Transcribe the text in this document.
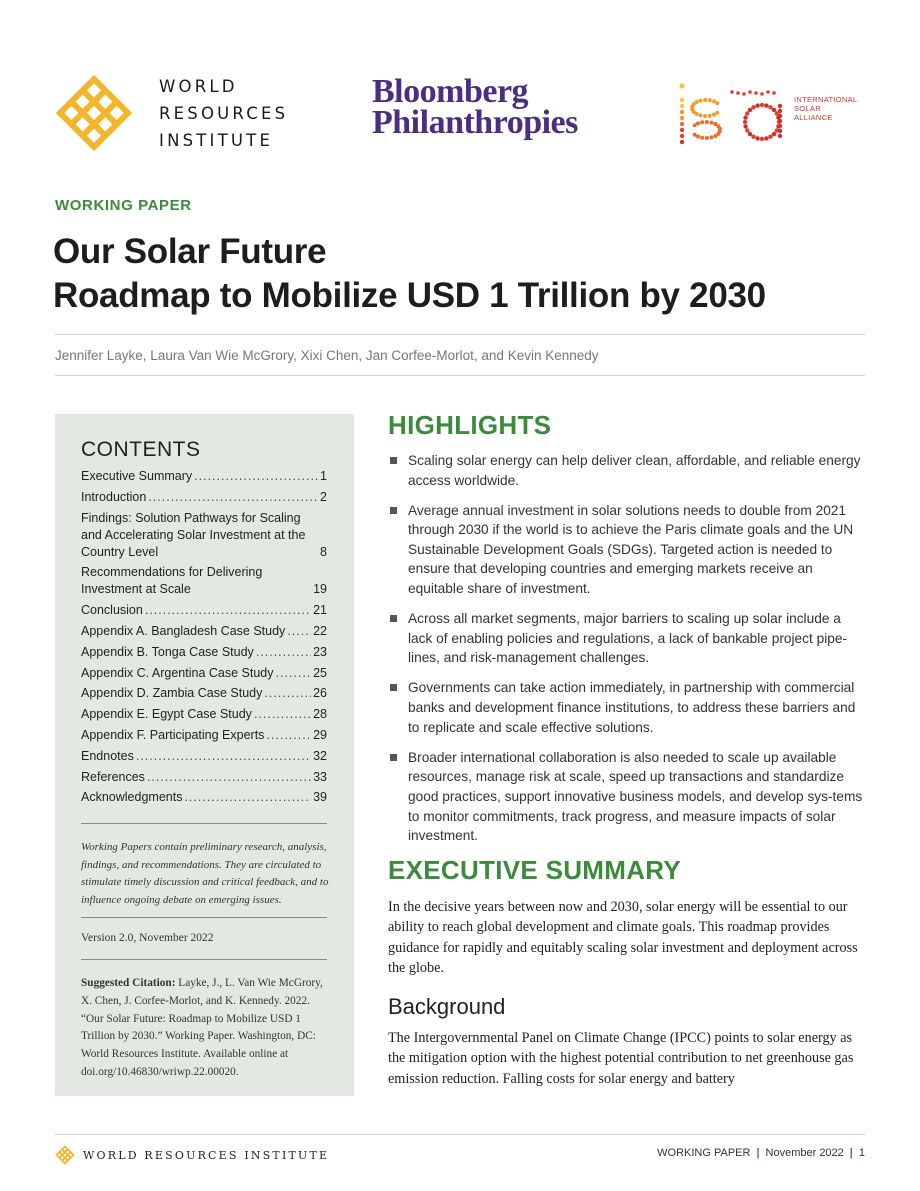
WORLD
RESOURCES
INSTITUTE
Bloomberg
Philanthropies
INTERNATIONAL
SOLAR
ALLIANCE
WORKING PAPER
Our Solar Future
Roadmap to Mobilize USD 1 Trillion by 2030
Jennifer Layke, Laura Van Wie McGrory, Xixi Chen, Jan Corfee-Morlot, and Kevin Kennedy
CONTENTS
Executive Summary .....	1
Introduction .....	2
Findings: Solution Pathways for Scaling and Accelerating Solar Investment at the Country Level	8
Recommendations for Delivering Investment at Scale	19
Conclusion .....	21
Appendix A. Bangladesh Case Study ..... 22
Appendix B. Tonga Case Study .....	23
Appendix C. Argentina Case Study .....	25
Appendix D. Zambia Case Study .....	26
Appendix E. Egypt Case Study .....	28
Appendix F. Participating Experts .....	29
Endnotes .....	32
References .....	33
Acknowledgments .....	39
Working Papers contain preliminary research, analysis, findings, and recommendations. They are circulated to stimulate timely discussion and critical feedback, and to influence ongoing debate on emerging issues.
Version 2.0, November 2022
Suggested Citation: Layke, J., L. Van Wie McGrory, X. Chen, J. Corfee-Morlot, and K. Kennedy. 2022. “Our Solar Future: Roadmap to Mobilize USD 1 Trillion by 2030.” Working Paper. Washington, DC: World Resources Institute. Available online at doi.org/10.46830/wriwp.22.00020.
HIGHLIGHTS
Scaling solar energy can help deliver clean, affordable, and reliable energy access worldwide.
Average annual investment in solar solutions needs to double from 2021 through 2030 if the world is to achieve the Paris climate goals and the UN Sustainable Development Goals (SDGs). Targeted action is needed to ensure that developing countries and emerging markets receive an equitable share of investment.
Across all market segments, major barriers to scaling up solar include a lack of enabling policies and regulations, a lack of bankable project pipe-lines, and risk-management challenges.
Governments can take action immediately, in partnership with commercial banks and development finance institutions, to address these barriers and to replicate and scale effective solutions.
Broader international collaboration is also needed to scale up available resources, manage risk at scale, speed up transactions and standardize good practices, support innovative business models, and develop sys-tems to monitor commitments, track progress, and measure impacts of solar investment.
EXECUTIVE SUMMARY
In the decisive years between now and 2030, solar energy will be essential to our ability to reach global development and climate goals. This roadmap provides guidance for rapidly and equitably scaling solar investment and deployment across the globe.
Background
The Intergovernmental Panel on Climate Change (IPCC) points to solar energy as the mitigation option with the highest potential contribution to net greenhouse gas emission reduction. Falling costs for solar energy and battery
WORLD RESOURCES INSTITUTE	WORKING PAPER | November 2022 | 1
